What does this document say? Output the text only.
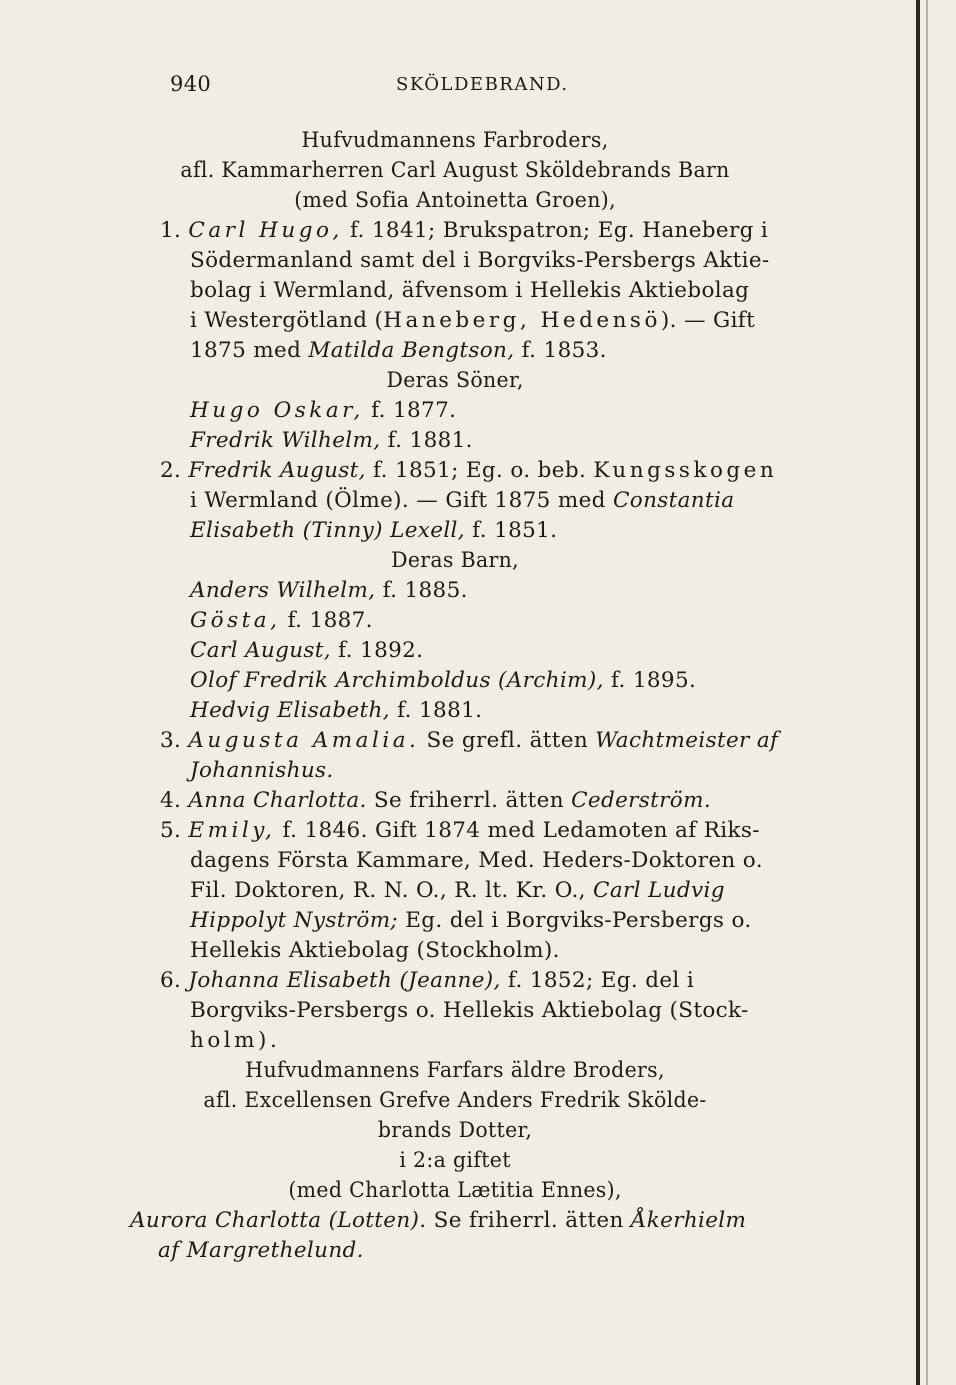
940	SKÖLDEBRAND.
Hufvudmannens Farbroders,
afl. Kammarherren Carl August Sköldebrands Barn
(med Sofia Antoinetta Groen),
1. Carl Hugo, f. 1841; Brukspatron; Eg. Haneberg i
Södermanland samt del i Borgviks-Persbergs Aktie-
bolag i Wermland, äfvensom i Hellekis Aktiebolag
i Westergötland (Haneberg, Hedensö). — Gift
1875 med Matilda Bengtson, f. 1853.
Deras Söner,
Hugo Oskar, f. 1877.
Fredrik Wilhelm, f. 1881.
2. Fredrik August, f. 1851; Eg. o. beb. Kungsskogen
i Wermland (Ölme). — Gift 1875 med Constantia
Elisabeth (Tinny) Lexell, f. 1851.
Deras Barn,
Anders Wilhelm, f. 1885.
Gösta, f. 1887.
Carl August, f. 1892.
Olof Fredrik Archimboldus (Archim), f. 1895.
Hedvig Elisabeth, f. 1881.
3. Augusta Amalia. Se grefl. ätten Wachtmeister af
Johannishus.
4. Anna Charlotta. Se friherrl. ätten Cederström.
5. Emily, f. 1846. Gift 1874 med Ledamoten af Riks-
dagens Första Kammare, Med. Heders-Doktoren o.
Fil. Doktoren, R. N. O., R. lt. Kr. O., Carl Ludvig
Hippolyt Nyström; Eg. del i Borgviks-Persbergs o.
Hellekis Aktiebolag (Stockholm).
6. Johanna Elisabeth (Jeanne), f. 1852; Eg. del i
Borgviks-Persbergs o. Hellekis Aktiebolag (Stock-
holm).
Hufvudmannens Farfars äldre Broders,
afl. Excellensen Grefve Anders Fredrik Skölde-
brands Dotter,
i 2:a giftet
(med Charlotta Lætitia Ennes),
Aurora Charlotta (Lotten). Se friherrl. ätten Åkerhielm
af Margrethelund.
